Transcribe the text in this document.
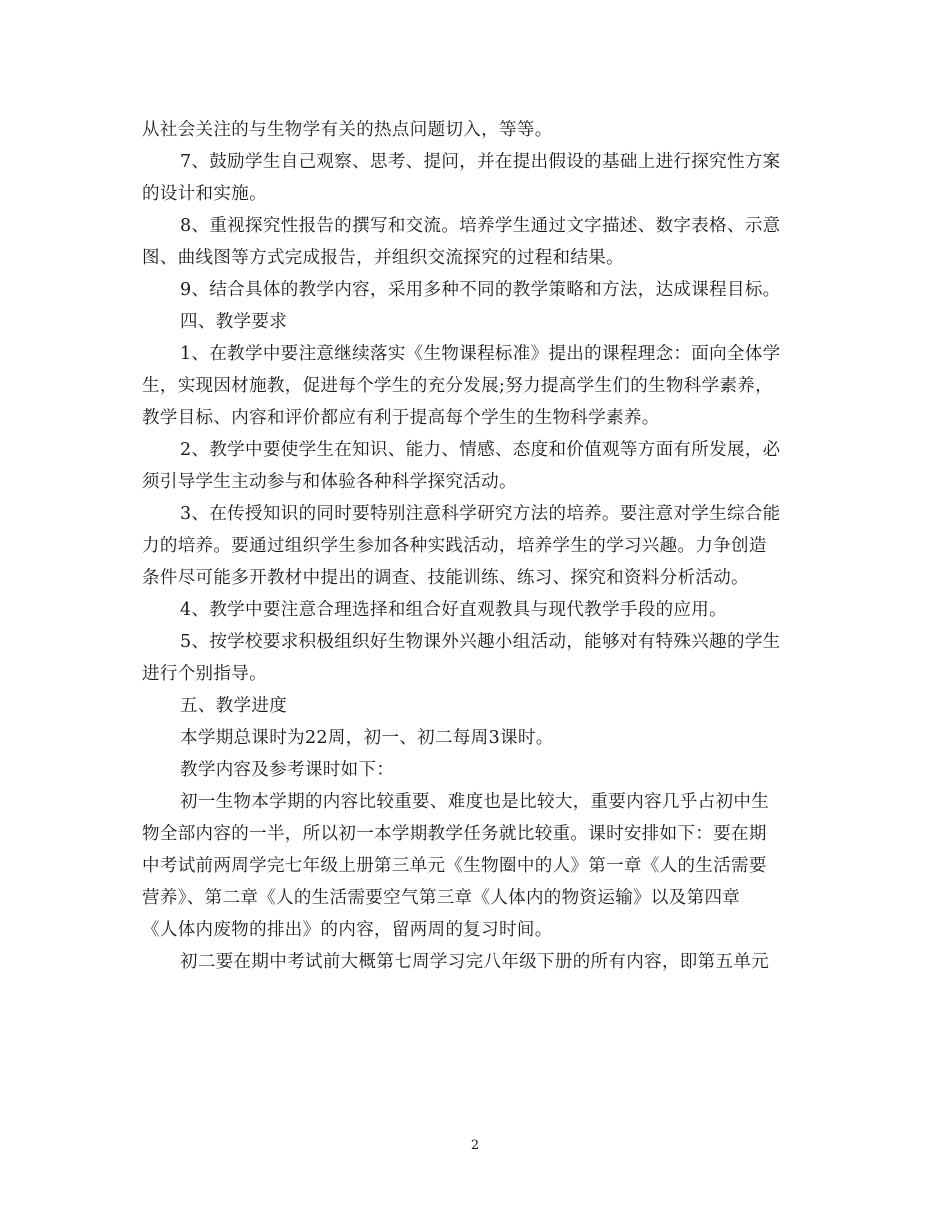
从社会关注的与生物学有关的热点问题切入，等等。
7、鼓励学生自己观察、思考、提问，并在提出假设的基础上进行探究性方案
的设计和实施。
8、重视探究性报告的撰写和交流。培养学生通过文字描述、数字表格、示意
图、曲线图等方式完成报告，并组织交流探究的过程和结果。
9、结合具体的教学内容，采用多种不同的教学策略和方法，达成课程目标。
四、教学要求
1、在教学中要注意继续落实《生物课程标准》提出的课程理念：面向全体学
生，实现因材施教，促进每个学生的充分发展;努力提高学生们的生物科学素养，
教学目标、内容和评价都应有利于提高每个学生的生物科学素养。
2、教学中要使学生在知识、能力、情感、态度和价值观等方面有所发展，必
须引导学生主动参与和体验各种科学探究活动。
3、在传授知识的同时要特别注意科学研究方法的培养。要注意对学生综合能
力的培养。要通过组织学生参加各种实践活动，培养学生的学习兴趣。力争创造
条件尽可能多开教材中提出的调查、技能训练、练习、探究和资料分析活动。
4、教学中要注意合理选择和组合好直观教具与现代教学手段的应用。
5、按学校要求积极组织好生物课外兴趣小组活动，能够对有特殊兴趣的学生
进行个别指导。
五、教学进度
本学期总课时为22周，初一、初二每周3课时。
教学内容及参考课时如下：
初一生物本学期的内容比较重要、难度也是比较大，重要内容几乎占初中生
物全部内容的一半，所以初一本学期教学任务就比较重。课时安排如下：要在期
中考试前两周学完七年级上册第三单元《生物圈中的人》第一章《人的生活需要
营养》、第二章《人的生活需要空气第三章《人体内的物资运输》以及第四章
《人体内废物的排出》的内容，留两周的复习时间。
初二要在期中考试前大概第七周学习完八年级下册的所有内容，即第五单元
2
